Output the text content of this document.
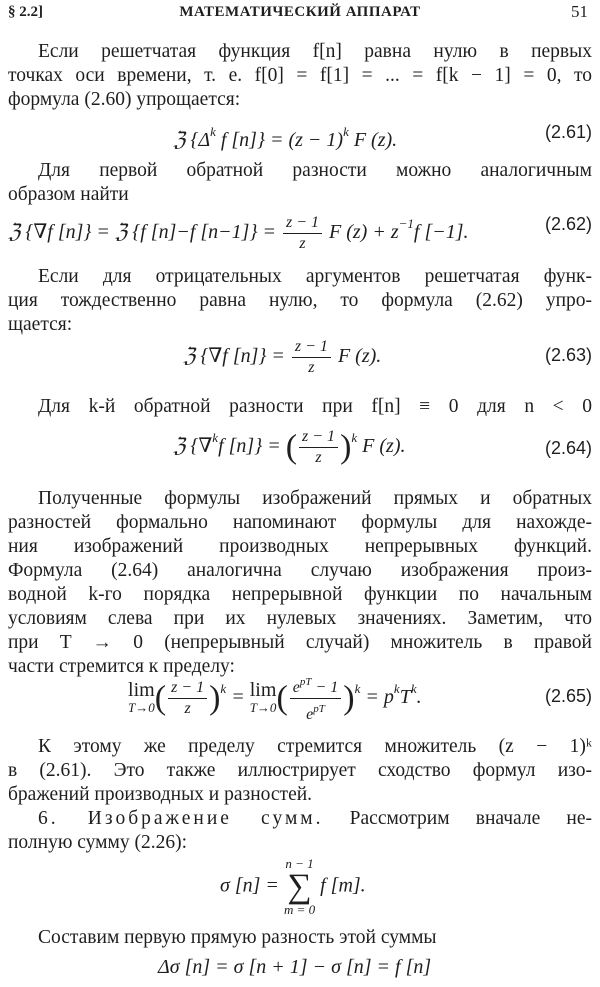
§ 2.2]	МАТЕМАТИЧЕСКИЙ АППАРАТ	51
Если решетчатая функция f[n] равна нулю в первых
точках оси времени, т. е. f[0] = f[1] = ... = f[k − 1] = 0, то
формула (2.60) упрощается:
ℨ {$\Delta^k$ f $[n]\} = (z - 1)^k$ F (z).	(2.61)
Для первой обратной разности можно аналогичным
образом найти
ℨ {∇f [n]} = ℨ {f [n]−f $[n-1]\} = \frac{z - 1}{z}$ F $(z) + z^{-1}f$ [−1].	(2.62)
Если для отрицательных аргументов решетчатая функ-
ция тождественно равна нулю, то формула (2.62) упро-
щается:
ℨ {∇f $[n]\} = \frac{z - 1}{z}$ F (z).	(2.63)
Для k-й обратной разности при f[n] ≡ 0 для n < 0
ℨ {∇$^k$f [n]} = ( $\frac{z - 1}{z} )^k$ F (z).	(2.64)
Полученные формулы изображений прямых и обратных
разностей формально напоминают формулы для нахожде-
ния изображений производных непрерывных функций.
Формула (2.64) аналогична случаю изображения произ-
водной k-го порядка непрерывной функции по начальным
условиям слева при их нулевых значениях. Заметим, что
при T → 0 (непрерывный случай) множитель в правой
части стремится к пределу:
lim
T→0 ( $\frac{z - 1}{z} )^k = \lim$
T→0 ( $\frac{e^{pT} - 1}{e^{pT}} )^k = p^kT^k$.	(2.65)
К этому же пределу стремится множитель (z − 1)ᵏ
в (2.61). Это также иллюстрирует сходство формул изо-
бражений производных и разностей.
6. Изображение сумм. Рассмотрим вначале не-
полную сумму (2.26):
σ [n] =
n − 1
∑
m = 0
f [m].
Составим первую прямую разность этой суммы
Δσ [n] = σ [n + 1] − σ [n] = f [n]
